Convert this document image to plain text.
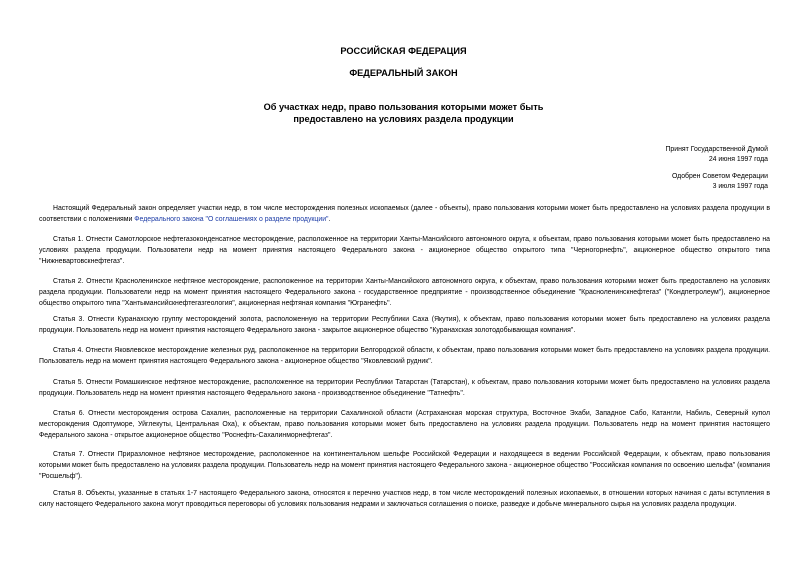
РОССИЙСКАЯ ФЕДЕРАЦИЯ
ФЕДЕРАЛЬНЫЙ ЗАКОН
Об участках недр, право пользования которыми может быть
предоставлено на условиях раздела продукции
Принят Государственной Думой
24 июня 1997 года
Одобрен Советом Федерации
3 июля 1997 года
Настоящий Федеральный закон определяет участки недр, в том числе месторождения полезных ископаемых (далее - объекты), право пользования которыми может быть предоставлено на условиях раздела продукции в соответствии с положениями Федерального закона "О соглашениях о разделе продукции".
Статья 1. Отнести Самотлорское нефтегазоконденсатное месторождение, расположенное на территории Ханты-Мансийского автономного округа, к объектам, право пользования которыми может быть предоставлено на условиях раздела продукции. Пользователи недр на момент принятия настоящего Федерального закона - акционерное общество открытого типа "Черногорнефть", акционерное общество открытого типа "Нижневартовскнефтегаз".
Статья 2. Отнести Красноленинское нефтяное месторождение, расположенное на территории Ханты-Мансийского автономного округа, к объектам, право пользования которыми может быть предоставлено на условиях раздела продукции. Пользователи недр на момент принятия настоящего Федерального закона - государственное предприятие - производственное объединение "Красноленинскнефтегаз" ("Кондпетролеум"), акционерное общество открытого типа "Хантымансийскнефтегазгеология", акционерная нефтяная компания "Югранефть".
Статья 3. Отнести Куранахскую группу месторождений золота, расположенную на территории Республики Саха (Якутия), к объектам, право пользования которыми может быть предоставлено на условиях раздела продукции. Пользователь недр на момент принятия настоящего Федерального закона - закрытое акционерное общество "Куранахская золотодобывающая компания".
Статья 4. Отнести Яковлевское месторождение железных руд, расположенное на территории Белгородской области, к объектам, право пользования которыми может быть предоставлено на условиях раздела продукции. Пользователь недр на момент принятия настоящего Федерального закона - акционерное общество "Яковлевский рудник".
Статья 5. Отнести Ромашкинское нефтяное месторождение, расположенное на территории Республики Татарстан (Татарстан), к объектам, право пользования которыми может быть предоставлено на условиях раздела продукции. Пользователь недр на момент принятия настоящего Федерального закона - производственное объединение "Татнефть".
Статья 6. Отнести месторождения острова Сахалин, расположенные на территории Сахалинской области (Астраханская морская структура, Восточное Эхаби, Западное Сабо, Катангли, Набиль, Северный купол месторождения Одоптуморе, Уйглекуты, Центральная Оха), к объектам, право пользования которыми может быть предоставлено на условиях раздела продукции. Пользователь недр на момент принятия настоящего Федерального закона - открытое акционерное общество "Роснефть-Сахалинморнефтегаз".
Статья 7. Отнести Приразломное нефтяное месторождение, расположенное на континентальном шельфе Российской Федерации и находящееся в ведении Российской Федерации, к объектам, право пользования которыми может быть предоставлено на условиях раздела продукции. Пользователь недр на момент принятия настоящего Федерального закона - акционерное общество "Российская компания по освоению шельфа" (компания "Росшельф").
Статья 8. Объекты, указанные в статьях 1-7 настоящего Федерального закона, относятся к перечню участков недр, в том числе месторождений полезных ископаемых, в отношении которых начиная с даты вступления в силу настоящего Федерального закона могут проводиться переговоры об условиях пользования недрами и заключаться соглашения о поиске, разведке и добыче минерального сырья на условиях раздела продукции.
